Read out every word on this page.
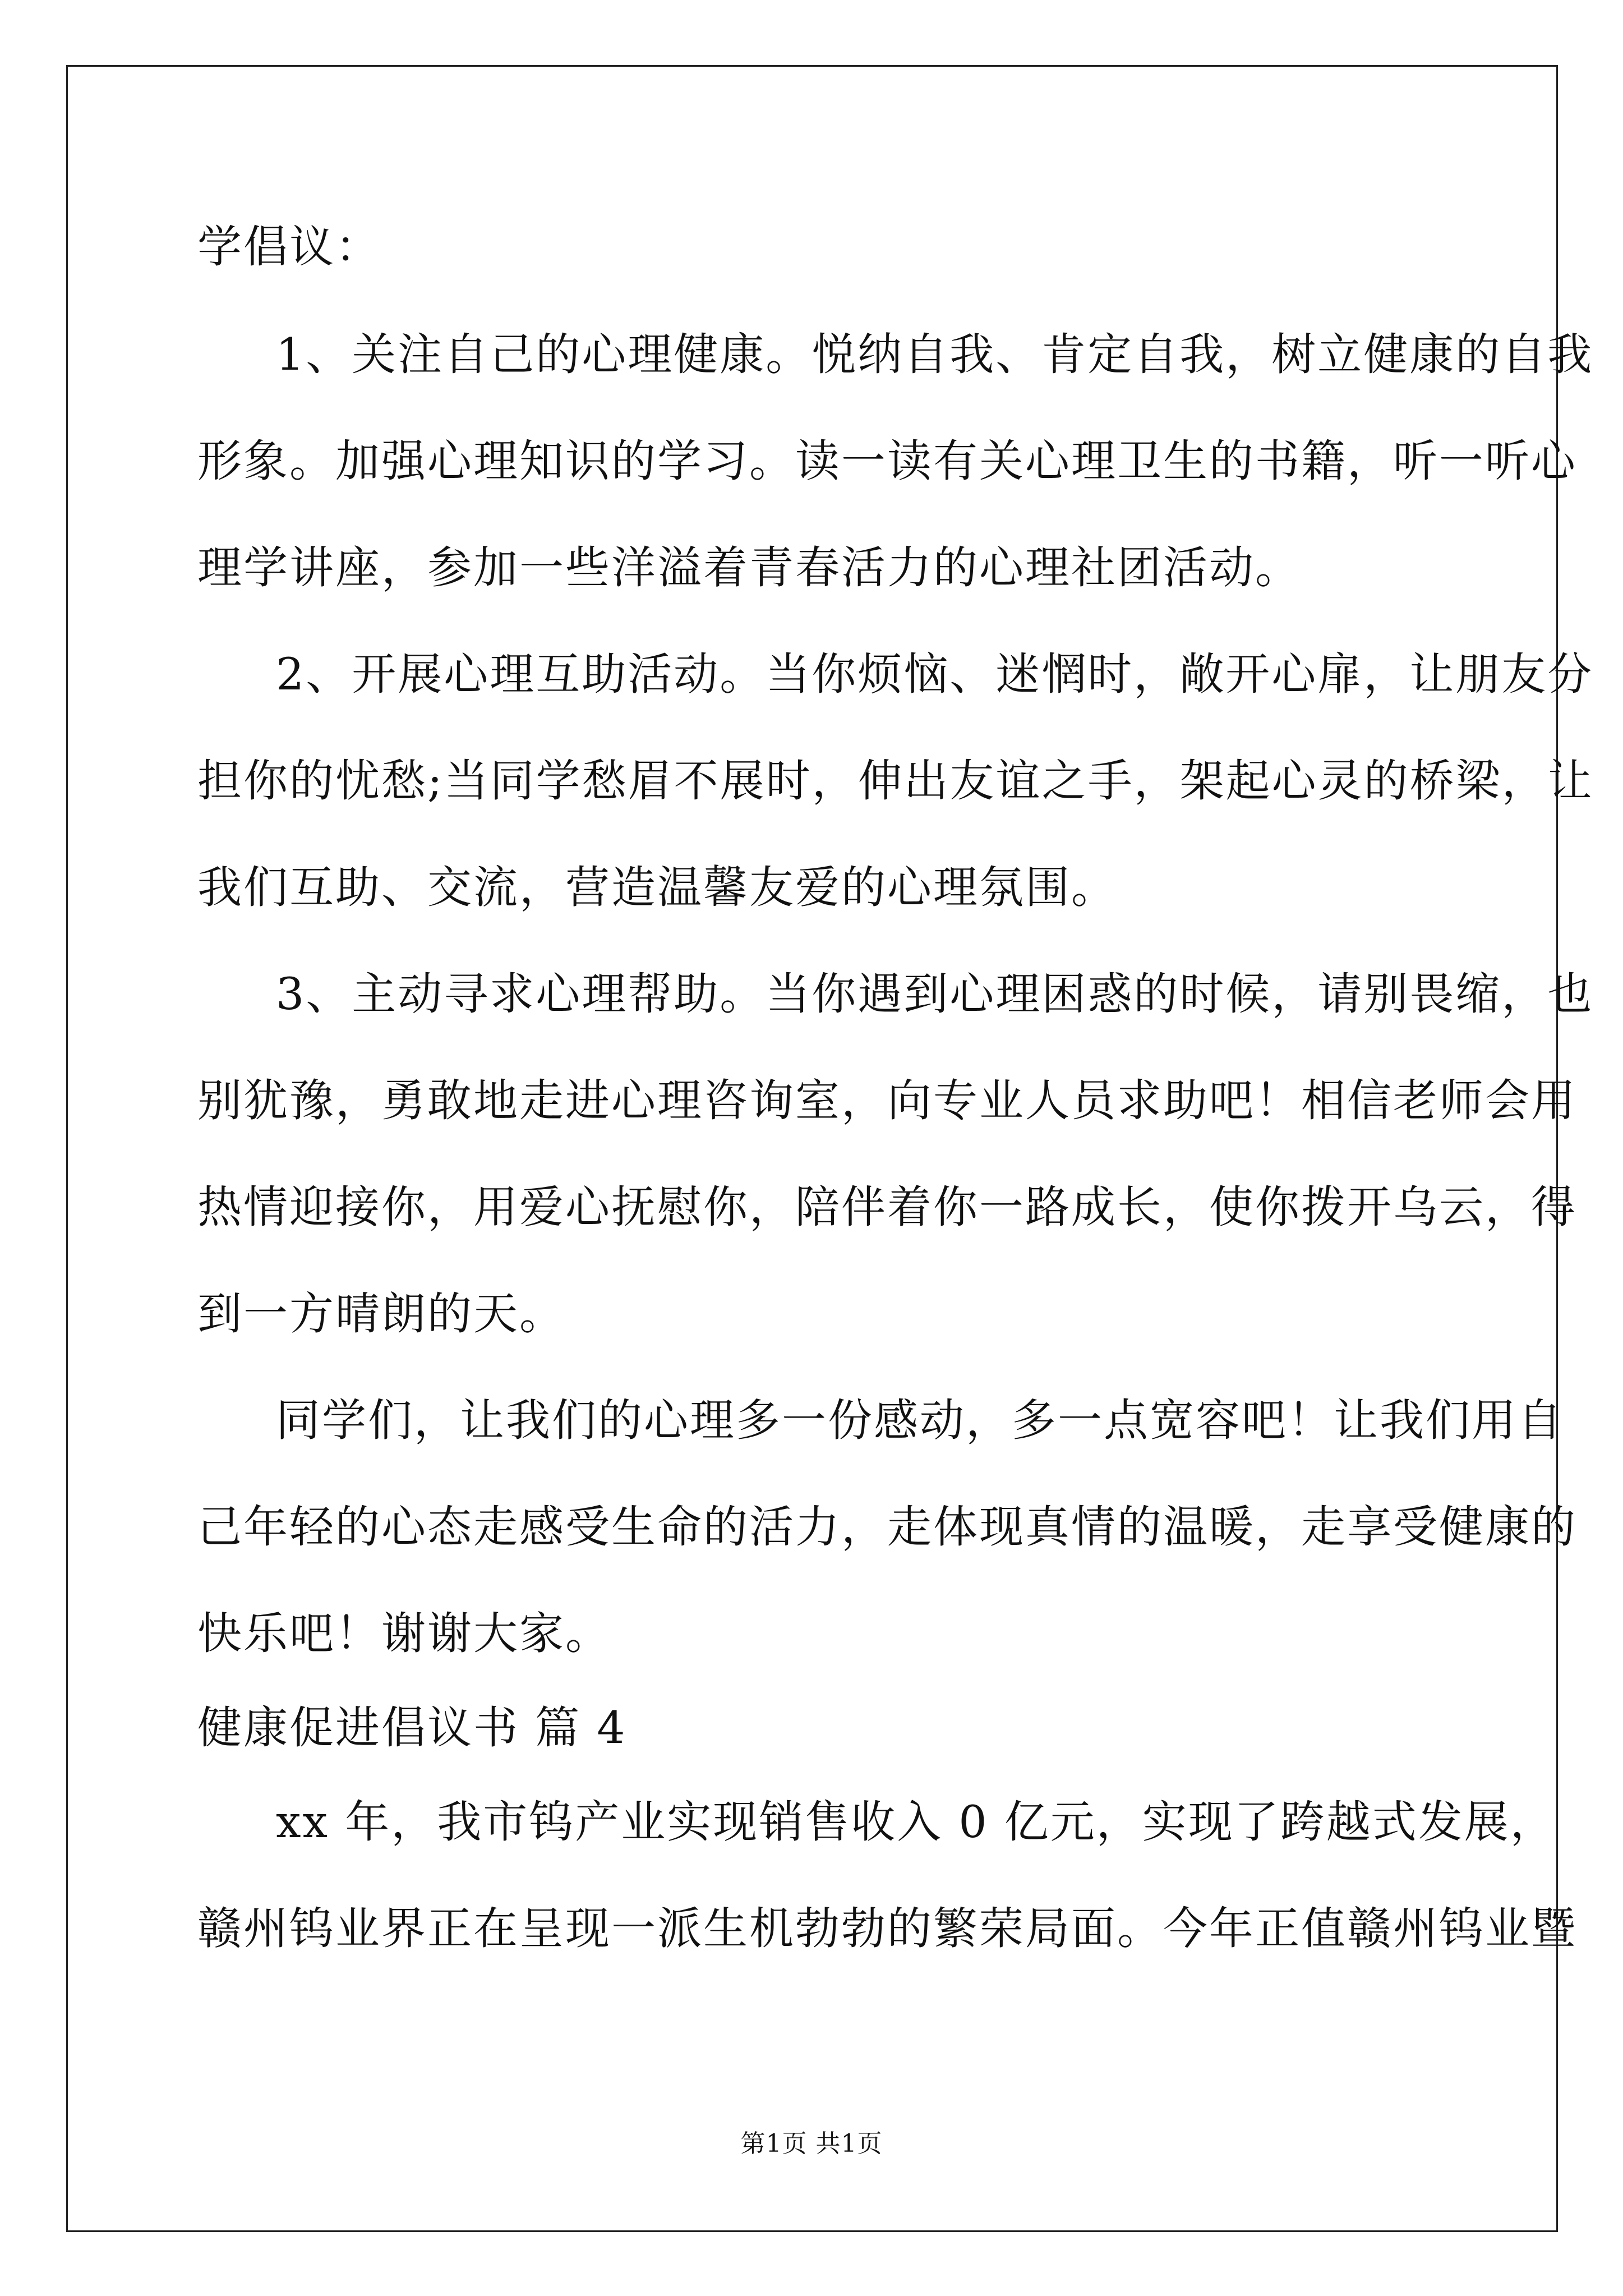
学倡议：
1、关注自己的心理健康。悦纳自我、肯定自我，树立健康的自我
形象。加强心理知识的学习。读一读有关心理卫生的书籍，听一听心
理学讲座，参加一些洋溢着青春活力的心理社团活动。
2、开展心理互助活动。当你烦恼、迷惘时，敞开心扉，让朋友分
担你的忧愁;当同学愁眉不展时，伸出友谊之手，架起心灵的桥梁，让
我们互助、交流，营造温馨友爱的心理氛围。
3、主动寻求心理帮助。当你遇到心理困惑的时候，请别畏缩，也
别犹豫，勇敢地走进心理咨询室，向专业人员求助吧！相信老师会用
热情迎接你，用爱心抚慰你，陪伴着你一路成长，使你拨开乌云，得
到一方晴朗的天。
同学们，让我们的心理多一份感动，多一点宽容吧！让我们用自
己年轻的心态走感受生命的活力，走体现真情的温暖，走享受健康的
快乐吧！谢谢大家。
健康促进倡议书 篇 4
xx 年，我市钨产业实现销售收入 0 亿元，实现了跨越式发展，
赣州钨业界正在呈现一派生机勃勃的繁荣局面。今年正值赣州钨业暨
第1页 共1页
